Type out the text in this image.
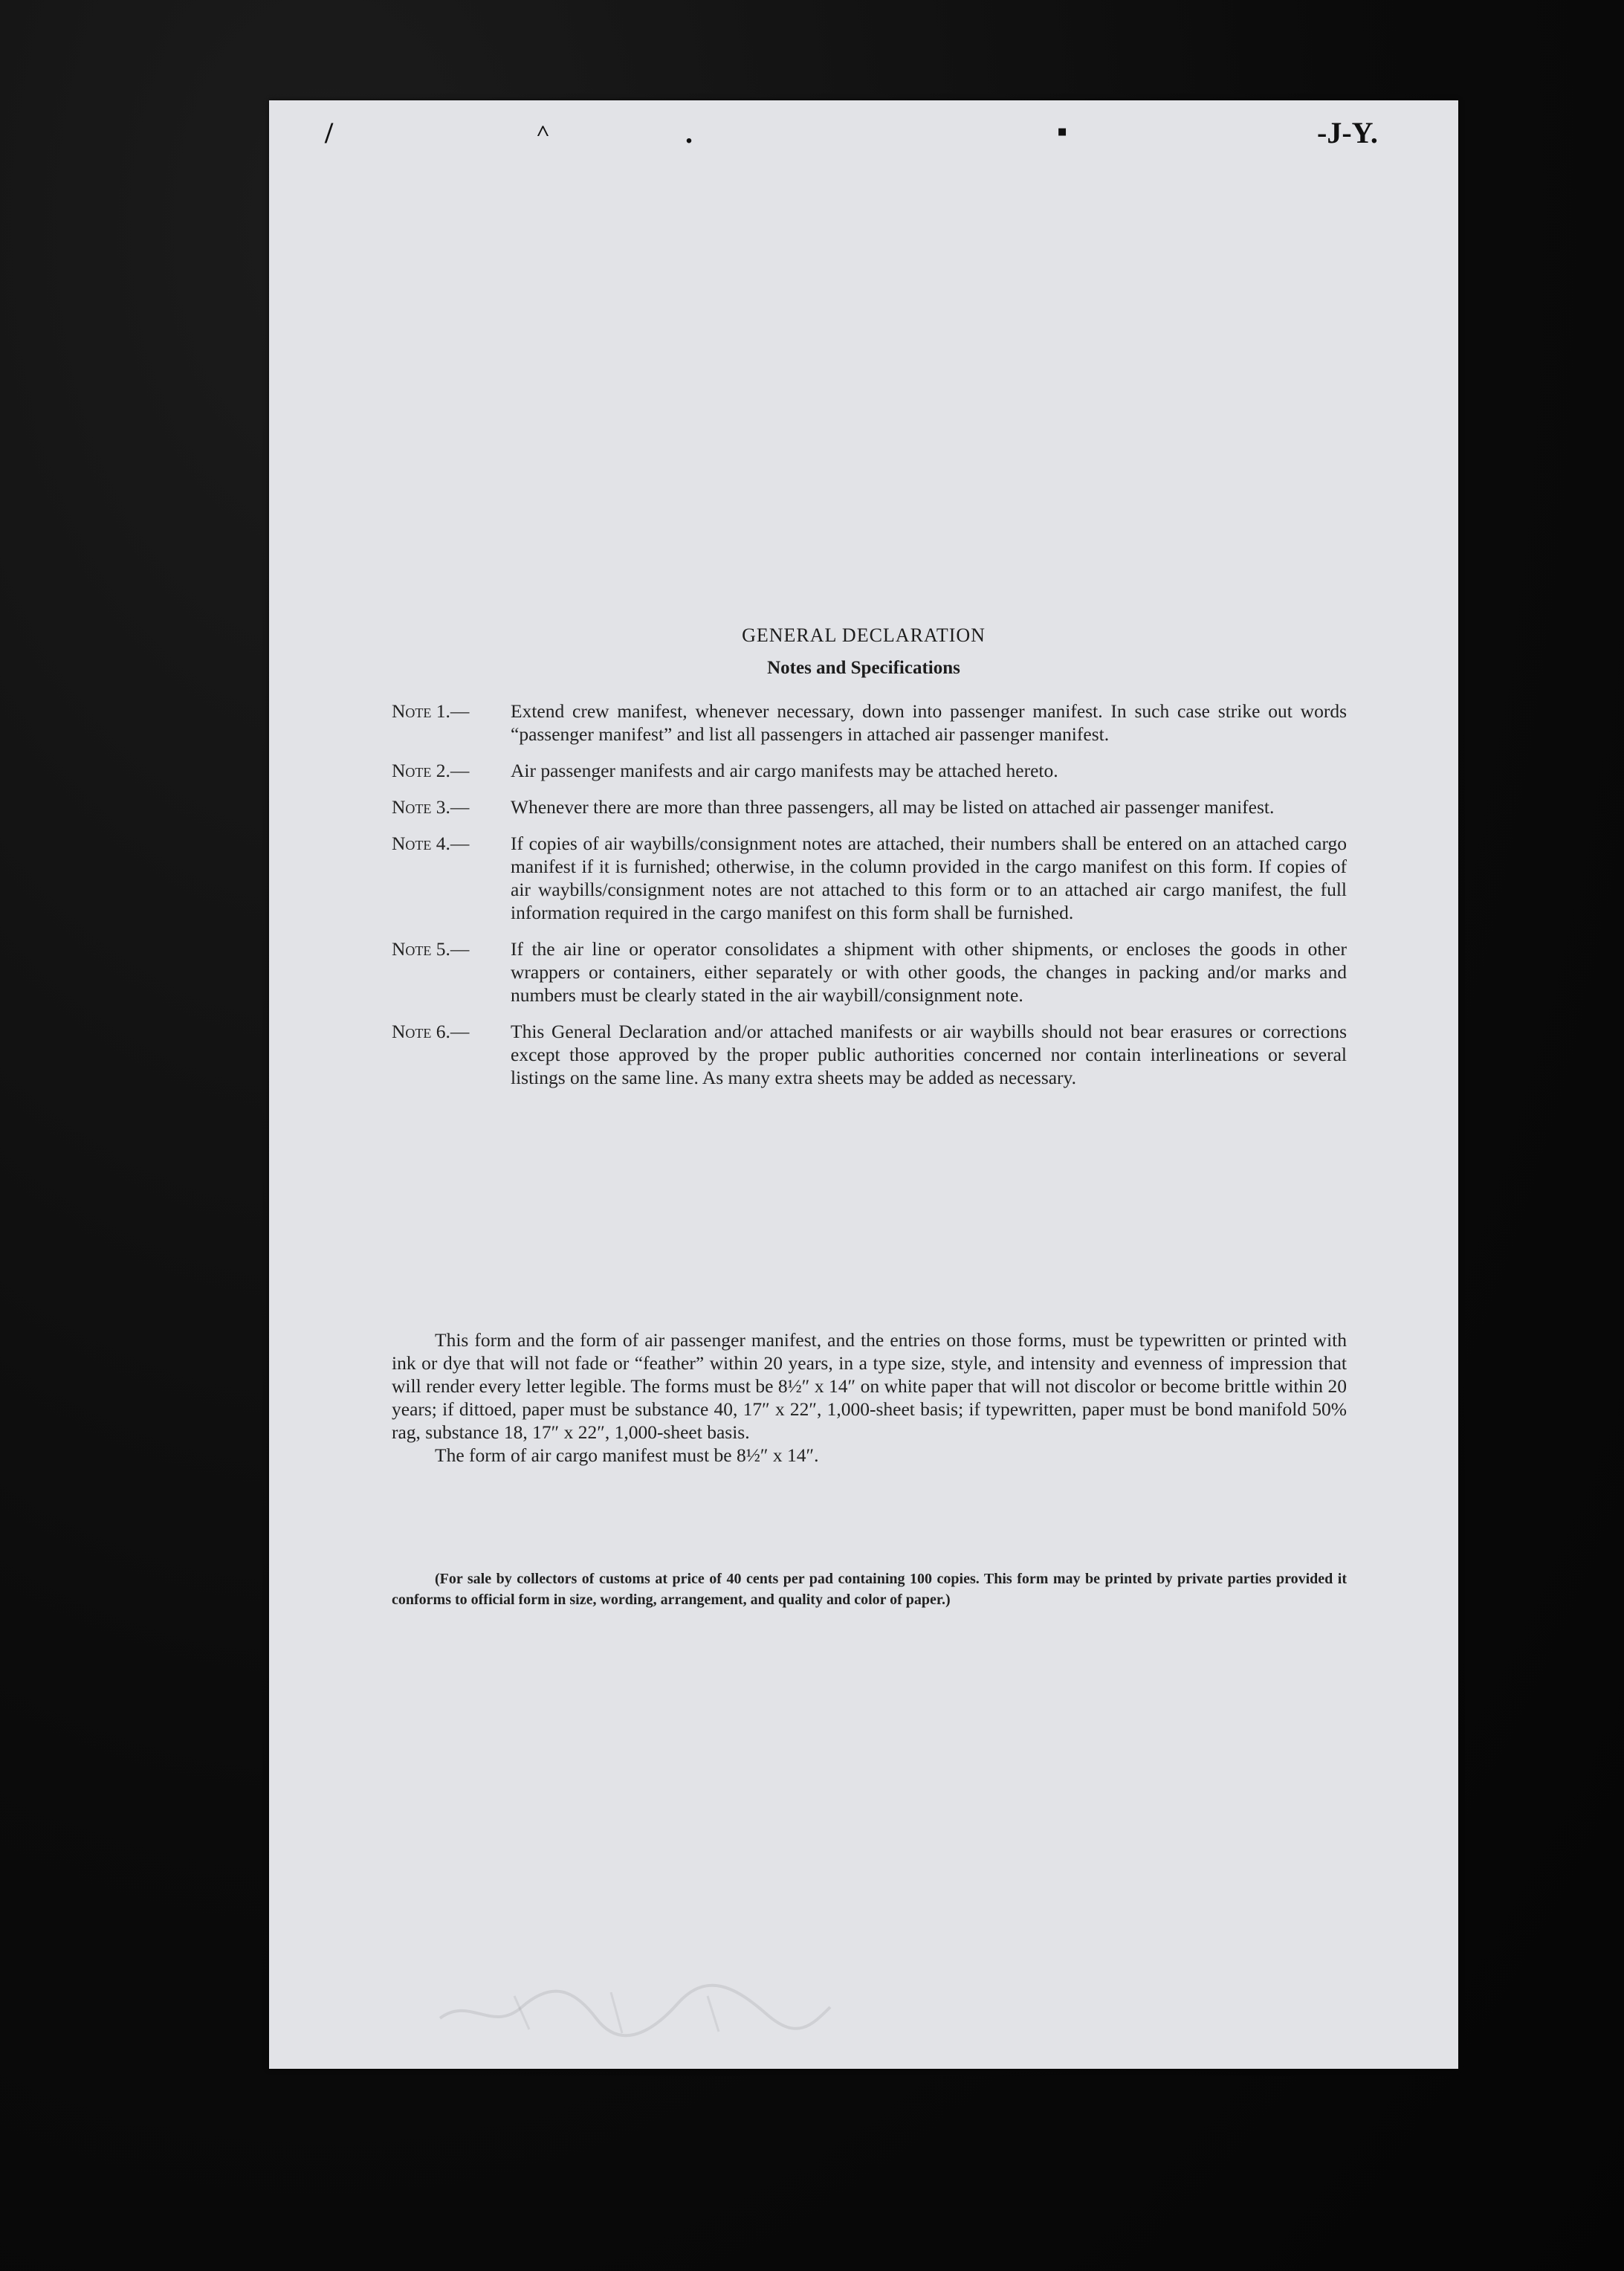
/	˄	.	▪	-J-Y.
GENERAL DECLARATION
Notes and Specifications
Note 1.—	Extend crew manifest, whenever necessary, down into passenger manifest. In such case strike out words “passenger manifest” and list all passengers in attached air passenger manifest.
Note 2.—	Air passenger manifests and air cargo manifests may be attached hereto.
Note 3.—	Whenever there are more than three passengers, all may be listed on attached air passenger manifest.
Note 4.—	If copies of air waybills/consignment notes are attached, their numbers shall be entered on an attached cargo manifest if it is furnished; otherwise, in the column provided in the cargo manifest on this form. If copies of air waybills/consignment notes are not attached to this form or to an attached air cargo manifest, the full information required in the cargo manifest on this form shall be furnished.
Note 5.—	If the air line or operator consolidates a shipment with other shipments, or encloses the goods in other wrappers or containers, either separately or with other goods, the changes in packing and/or marks and numbers must be clearly stated in the air waybill/consignment note.
Note 6.—	This General Declaration and/or attached manifests or air waybills should not bear erasures or corrections except those approved by the proper public authorities concerned nor contain interlineations or several listings on the same line. As many extra sheets may be added as necessary.

This form and the form of air passenger manifest, and the entries on those forms, must be typewritten or printed with ink or dye that will not fade or “feather” within 20 years, in a type size, style, and intensity and evenness of impression that will render every letter legible. The forms must be 8½″ x 14″ on white paper that will not discolor or become brittle within 20 years; if dittoed, paper must be substance 40, 17″ x 22″, 1,000-sheet basis; if typewritten, paper must be bond manifold 50% rag, substance 18, 17″ x 22″, 1,000-sheet basis.

The form of air cargo manifest must be 8½″ x 14″.

(For sale by collectors of customs at price of 40 cents per pad containing 100 copies. This form may be printed by private parties provided it conforms to official form in size, wording, arrangement, and quality and color of paper.)
